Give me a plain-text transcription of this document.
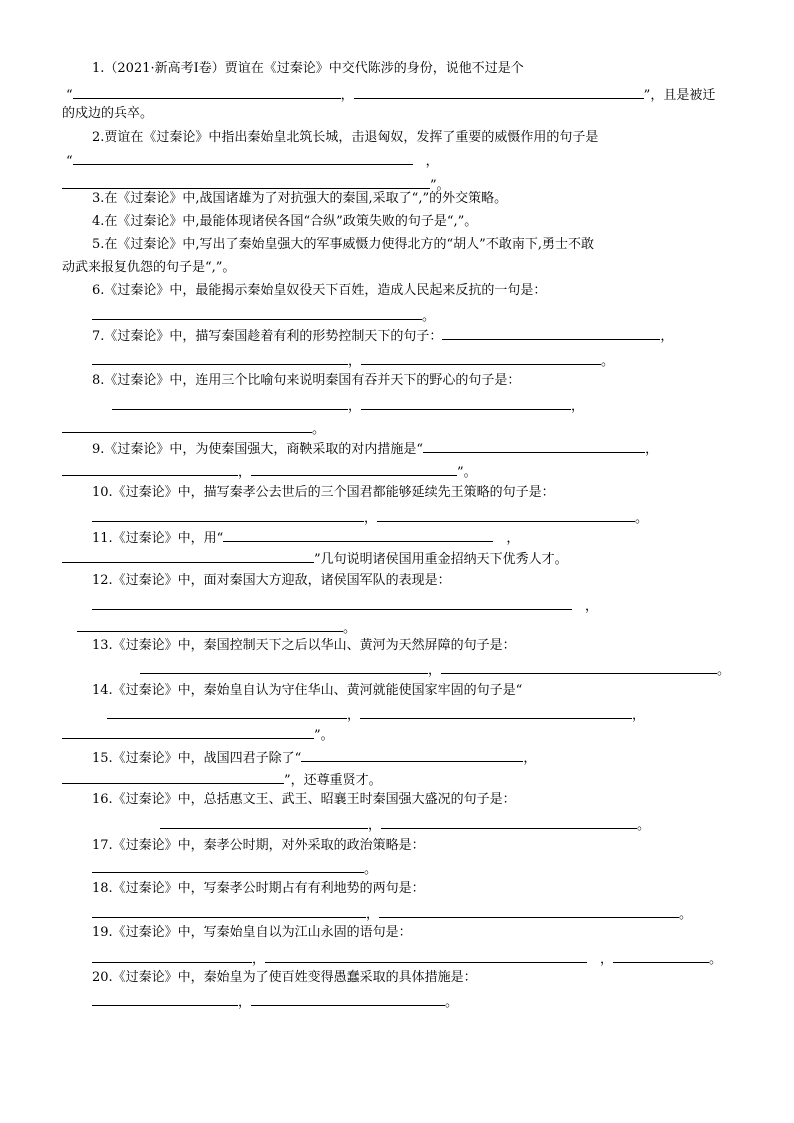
1.（2021·新高考Ⅰ卷）贾谊在《过秦论》中交代陈涉的身份，说他不过是个
“	，	”，且是被迁
的戍边的兵卒。
2.贾谊在《过秦论》中指出秦始皇北筑长城，击退匈奴，发挥了重要的威慑作用的句子是
“	　，
”。
3.在《过秦论》中,战国诸雄为了对抗强大的秦国,采取了“,”的外交策略。
4.在《过秦论》中,最能体现诸侯各国“合纵”政策失败的句子是“,”。
5.在《过秦论》中,写出了秦始皇强大的军事威慑力使得北方的“胡人”不敢南下,勇士不敢
动武来报复仇怨的句子是“,”。
6.《过秦论》中，最能揭示秦始皇奴役天下百姓，造成人民起来反抗的一句是：
。
7.《过秦论》中，描写秦国趁着有利的形势控制天下的句子：	，
，	。
8.《过秦论》中，连用三个比喻句来说明秦国有吞并天下的野心的句子是：
，	，
。
9.《过秦论》中，为使秦国强大，商鞅采取的对内措施是“	，
，	”。
10.《过秦论》中，描写秦孝公去世后的三个国君都能够延续先王策略的句子是：
，	。
11.《过秦论》中，用“	　，
”几句说明诸侯国用重金招纳天下优秀人才。
12.《过秦论》中，面对秦国大方迎敌，诸侯国军队的表现是：
　，
。
13.《过秦论》中，秦国控制天下之后以华山、黄河为天然屏障的句子是：
，	。
14.《过秦论》中，秦始皇自认为守住华山、黄河就能使国家牢固的句子是“
，	，
”。
15.《过秦论》中，战国四君子除了“	，
”，还尊重贤才。
16.《过秦论》中，总括惠文王、武王、昭襄王时秦国强大盛况的句子是：
，	。
17.《过秦论》中，秦孝公时期，对外采取的政治策略是：
。
18.《过秦论》中，写秦孝公时期占有有利地势的两句是：
，	。
19.《过秦论》中，写秦始皇自以为江山永固的语句是：
，	　，	。
20.《过秦论》中，秦始皇为了使百姓变得愚蠢采取的具体措施是：
，	。
